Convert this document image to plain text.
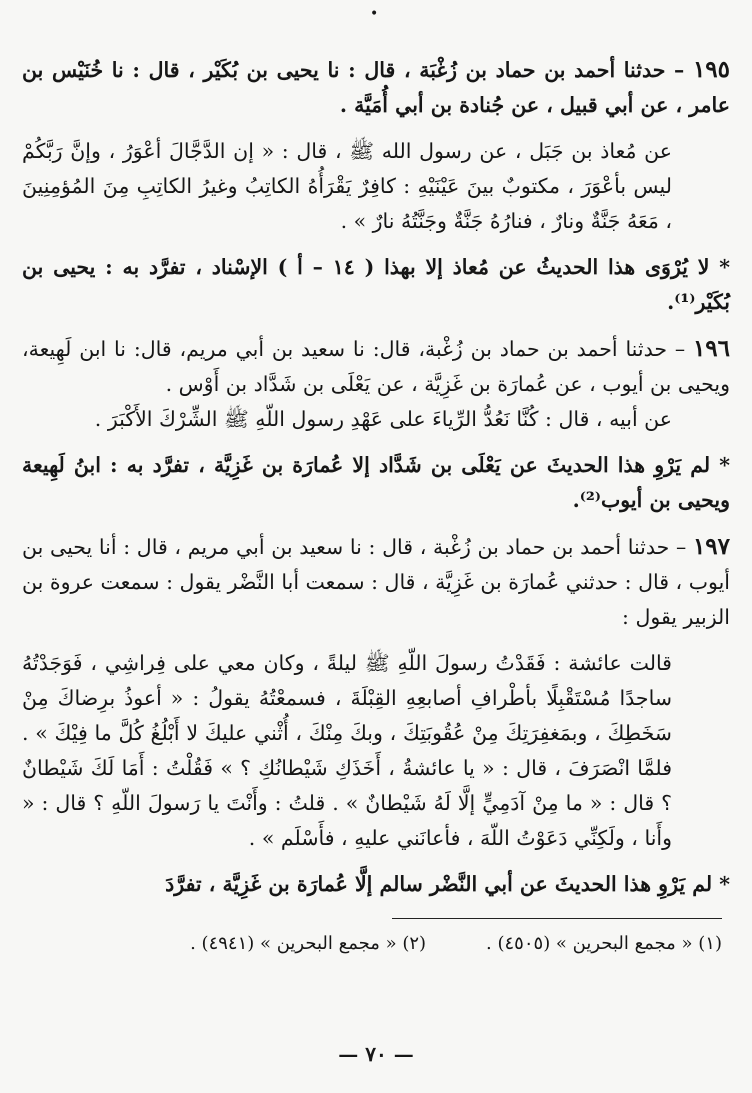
•

١٩٥ – حدثنا أحمد بن حماد بن زُغْبَة ، قال : نا يحيى بن بُكَيْر ، قال : نا خُنَيْس بن عامر ، عن أبي قبيل ، عن جُنادة بن أبي أُمَيَّة .

عن مُعاذ بن جَبَل ، عن رسول الله ﷺ ، قال : « إن الدَّجَّالَ أعْوَرُ ، وإنَّ رَبَّكُمْ ليس بأعْوَرَ ، مكتوبٌ بينَ عَيْنَيْهِ : كافِرٌ يَقْرَأُهُ الكاتِبُ وغيرُ الكاتِبِ مِنَ المُؤمِنِينَ ، مَعَهُ جَنَّةٌ ونارٌ ، فنارُهُ جَنَّةٌ وجَنَّتُهُ نارٌ » .

* لا يُرْوَى هذا الحديثُ عن مُعاذ إلا بهذا ( ١٤ – أ ) الإسْناد ، تفرَّد به : يحيى بن بُكَيْر⁽¹⁾.

١٩٦ – حدثنا أحمد بن حماد بن زُغْبة، قال: نا سعيد بن أبي مريم، قال: نا ابن لَهِيعة، ويحيى بن أيوب ، عن عُمارَة بن غَزِيَّة ، عن يَعْلَى بن شَدَّاد بن أَوْس .

عن أبيه ، قال : كُنَّا نَعُدُّ الرِّياءَ على عَهْدِ رسول اللّهِ ﷺ الشِّرْكَ الأَكْبَرَ .

* لم يَرْوِ هذا الحديثَ عن يَعْلَى بن شَدَّاد إلا عُمارَة بن غَزِيَّة ، تفرَّد به : ابنُ لَهِيعة ويحيى بن أيوب⁽²⁾.

١٩٧ – حدثنا أحمد بن حماد بن زُغْبة ، قال : نا سعيد بن أبي مريم ، قال : أنا يحيى بن أيوب ، قال : حدثني عُمارَة بن غَزِيَّة ، قال : سمعت أبا النَّضْر يقول : سمعت عروة بن الزبير يقول :

قالت عائشة : فَقَدْتُ رسولَ اللّهِ ﷺ ليلةً ، وكان معي على فِراشِي ، فَوَجَدْتُهُ ساجدًا مُسْتَقْبِلًا بأطْرافِ أصابعِهِ القِبْلَةَ ، فسمعْتُهُ يقولُ : « أعوذُ برِضاكَ مِنْ سَخَطِكَ ، وبمَغفِرَتِكَ مِنْ عُقُوبَتِكَ ، وبكَ مِنْكَ ، أُثْني عليكَ لا أَبْلُغُ كُلَّ ما فِيْكَ » . فلمَّا انْصَرَفَ ، قال : « يا عائشةُ ، أَخَذَكِ شَيْطانُكِ ؟ » فَقُلْتُ : أَمَا لَكَ شَيْطانٌ ؟ قال : « ما مِنْ آدَمِيٍّ إلَّا لَهُ شَيْطانٌ » . قلتُ : وأَنْتَ يا رَسولَ اللّهِ ؟ قال : « وأَنا ، ولَكِنِّي دَعَوْتُ اللّهَ ، فأعانَني عليهِ ، فأَسْلَم » .

* لم يَرْوِ هذا الحديثَ عن أبي النَّضْر سالم إلَّا عُمارَة بن غَزِيَّة ، تفرَّدَ

(١) « مجمع البحرين » (٤٥٠٥) .
(٢) « مجمع البحرين » (٤٩٤١) .
— ٧٠ —
